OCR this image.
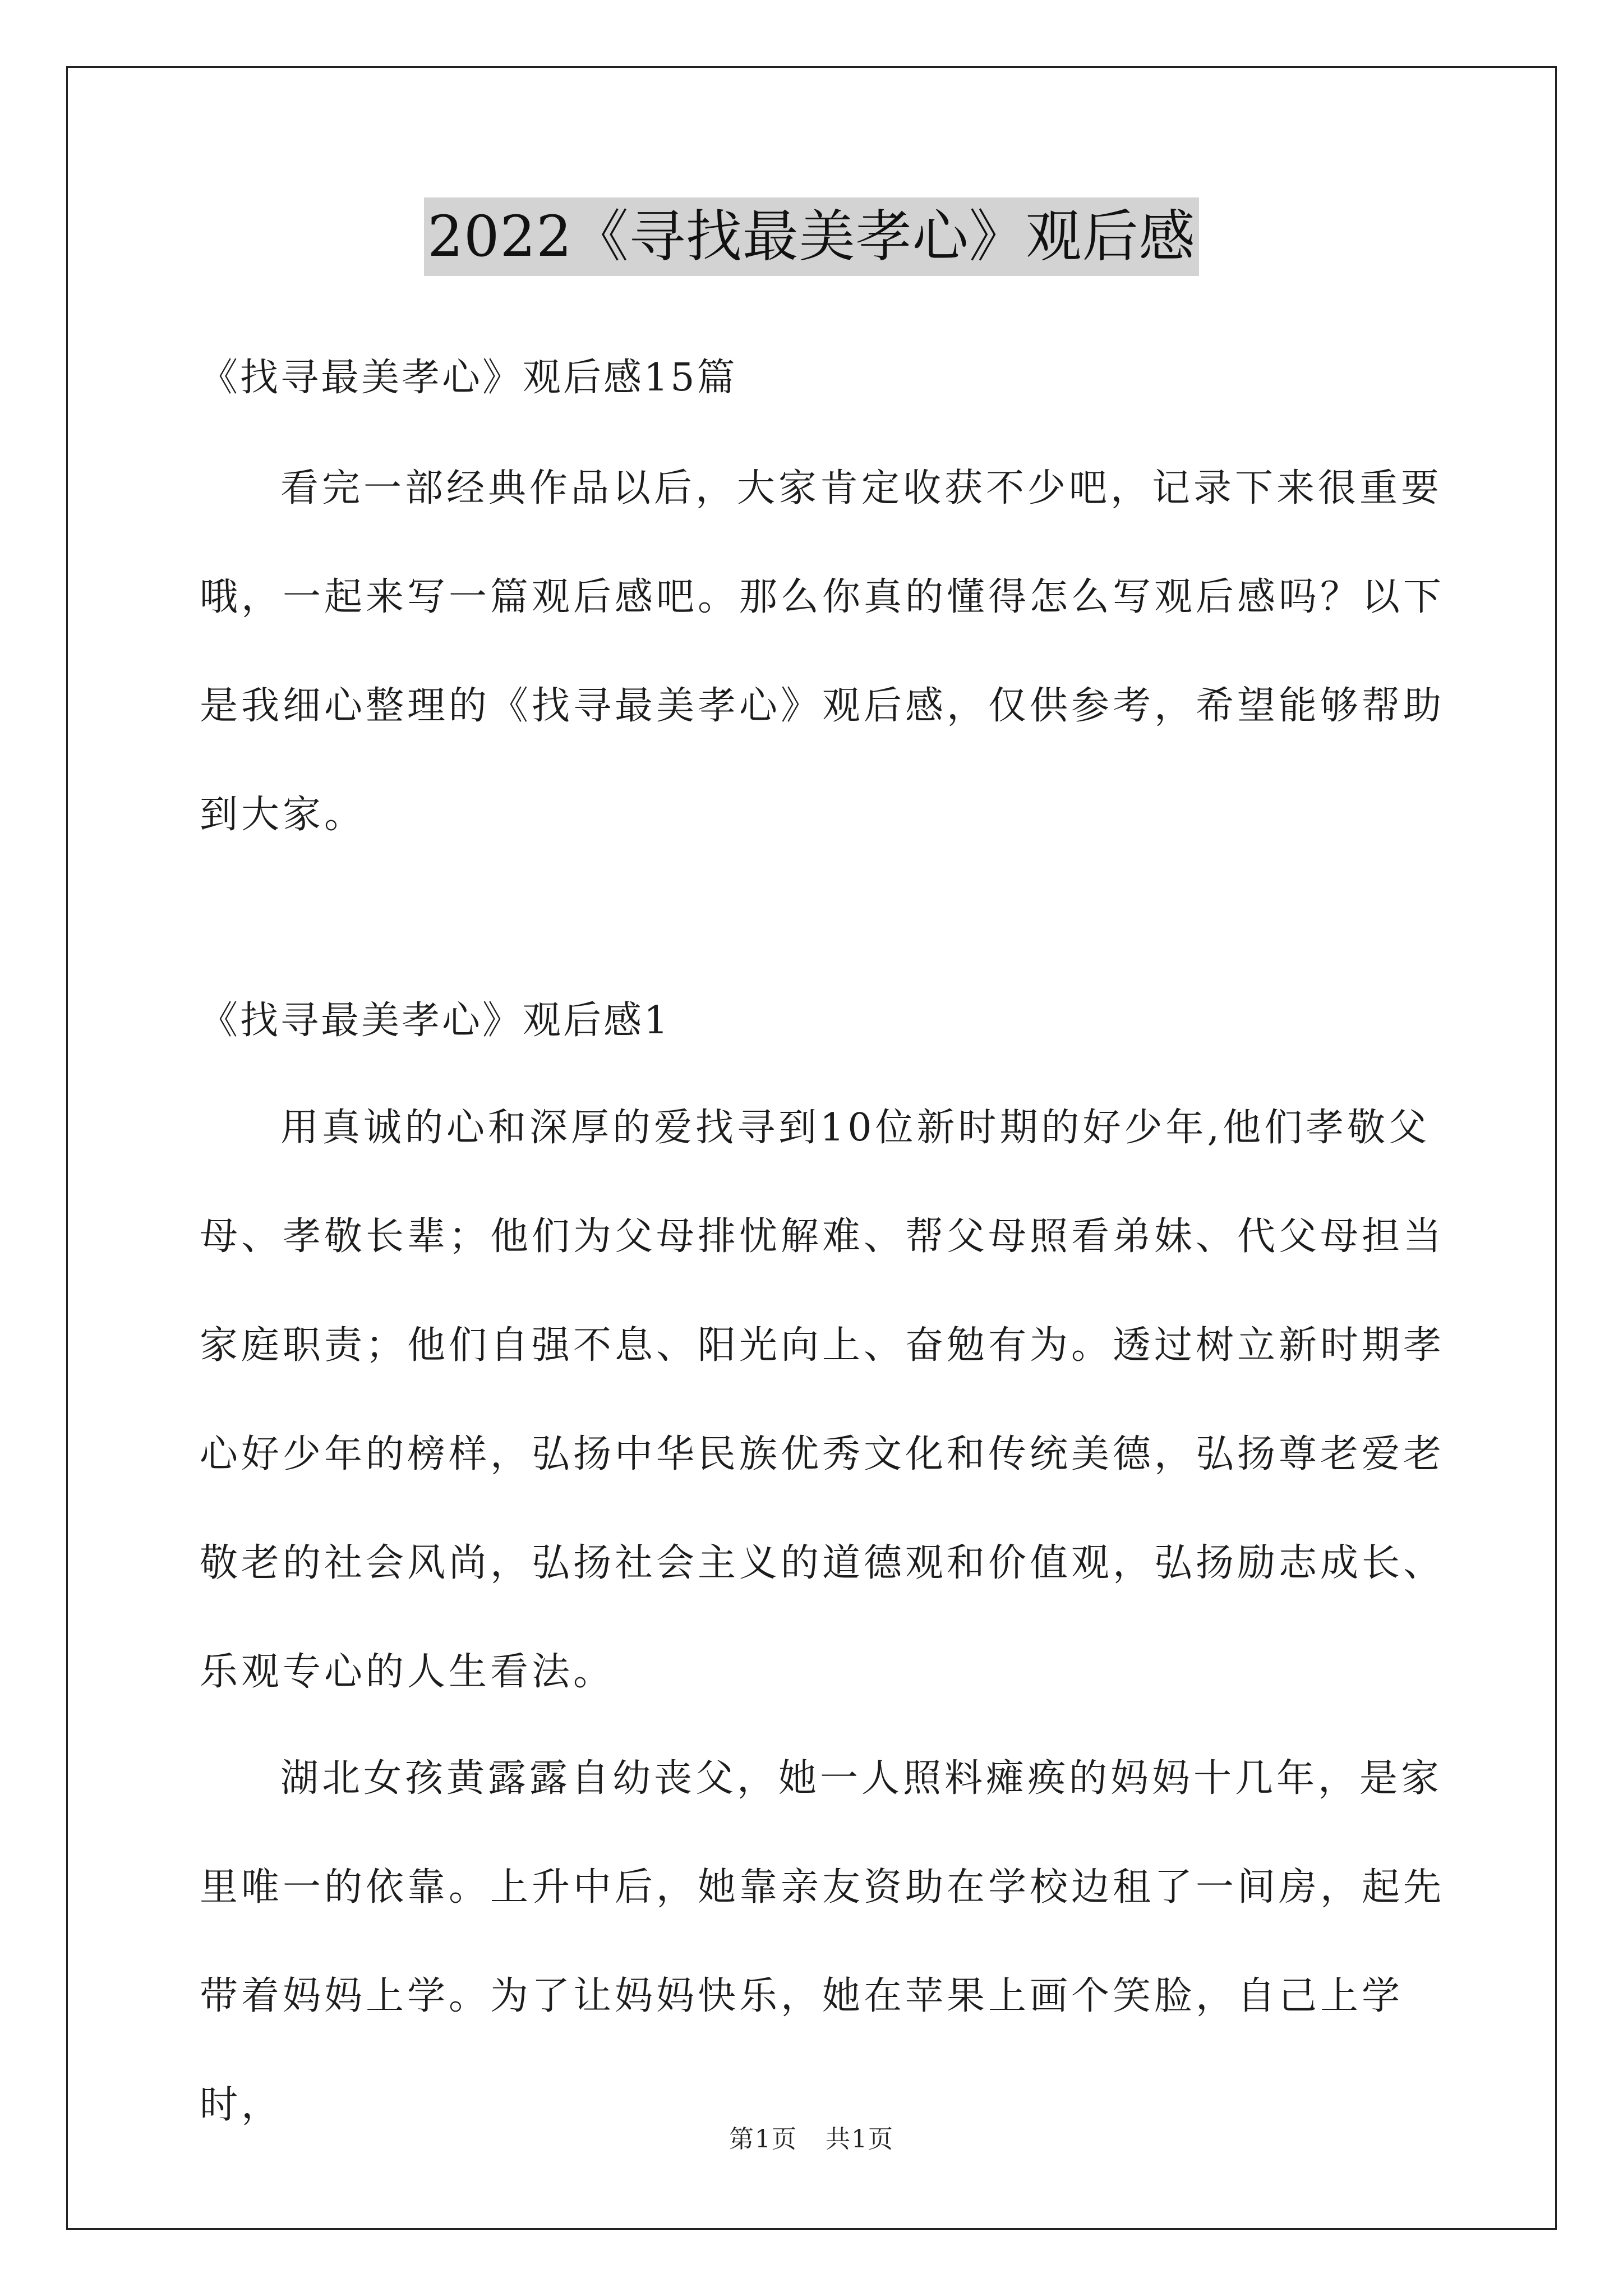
2022《寻找最美孝心》观后感

《找寻最美孝心》观后感15篇

看完一部经典作品以后，大家肯定收获不少吧，记录下来很重要哦，一起来写一篇观后感吧。那么你真的懂得怎么写观后感吗？以下是我细心整理的《找寻最美孝心》观后感，仅供参考，希望能够帮助到大家。

《找寻最美孝心》观后感1

用真诚的心和深厚的爱找寻到10位新时期的好少年,他们孝敬父母、孝敬长辈；他们为父母排忧解难、帮父母照看弟妹、代父母担当家庭职责；他们自强不息、阳光向上、奋勉有为。透过树立新时期孝心好少年的榜样，弘扬中华民族优秀文化和传统美德，弘扬尊老爱老敬老的社会风尚，弘扬社会主义的道德观和价值观，弘扬励志成长、乐观专心的人生看法。

湖北女孩黄露露自幼丧父，她一人照料瘫痪的妈妈十几年，是家里唯一的依靠。上升中后，她靠亲友资助在学校边租了一间房，起先带着妈妈上学。为了让妈妈快乐，她在苹果上画个笑脸，自己上学时，

第1页 共1页
